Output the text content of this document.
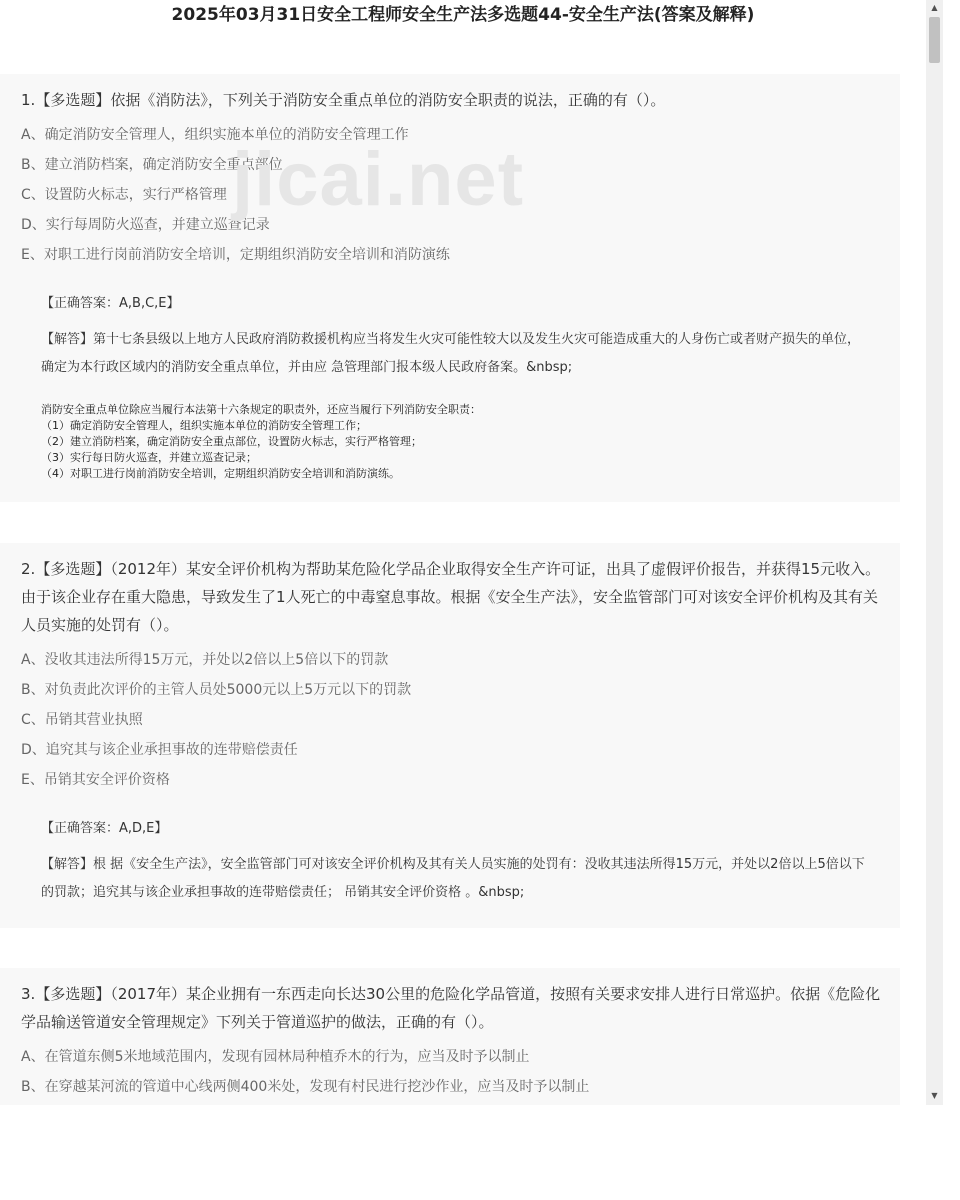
2025年03月31日安全工程师安全生产法多选题44-安全生产法(答案及解释)
1.【多选题】依据《消防法》，下列关于消防安全重点单位的消防安全职责的说法，正确的有（）。
A、确定消防安全管理人，组织实施本单位的消防安全管理工作
B、建立消防档案，确定消防安全重点部位
C、设置防火标志，实行严格管理
D、实行每周防火巡查，并建立巡查记录
E、对职工进行岗前消防安全培训，定期组织消防安全培训和消防演练
【正确答案：A,B,C,E】
【解答】第十七条县级以上地方人民政府消防救援机构应当将发生火灾可能性较大以及发生火灾可能造成重大的人身伤亡或者财产损失的单位，确定为本行政区域内的消防安全重点单位，并由应 急管理部门报本级人民政府备案。&nbsp;
消防安全重点单位除应当履行本法第十六条规定的职责外，还应当履行下列消防安全职责：
（1）确定消防安全管理人，组织实施本单位的消防安全管理工作；
（2）建立消防档案，确定消防安全重点部位，设置防火标志，实行严格管理；
（3）实行每日防火巡查，并建立巡查记录；
（4）对职工进行岗前消防安全培训，定期组织消防安全培训和消防演练。
2.【多选题】（2012年）某安全评价机构为帮助某危险化学品企业取得安全生产许可证，出具了虚假评价报告，并获得15元收入。由于该企业存在重大隐患，导致发生了1人死亡的中毒窒息事故。根据《安全生产法》，安全监管部门可对该安全评价机构及其有关人员实施的处罚有（）。
A、没收其违法所得15万元，并处以2倍以上5倍以下的罚款
B、对负责此次评价的主管人员处5000元以上5万元以下的罚款
C、吊销其营业执照
D、追究其与该企业承担事故的连带赔偿责任
E、吊销其安全评价资格
【正确答案：A,D,E】
【解答】根 据《安全生产法》，安全监管部门可对该安全评价机构及其有关人员实施的处罚有：没收其违法所得15万元，并处以2倍以上5倍以下的罚款；追究其与该企业承担事故的连带赔偿责任； 吊销其安全评价资格 。&nbsp;
3.【多选题】（2017年）某企业拥有一东西走向长达30公里的危险化学品管道，按照有关要求安排人进行日常巡护。依据《危险化学品输送管道安全管理规定》下列关于管道巡护的做法，正确的有（）。
A、在管道东侧5米地域范围内，发现有园林局种植乔木的行为，应当及时予以制止
B、在穿越某河流的管道中心线两侧400米处，发现有村民进行挖沙作业，应当及时予以制止
jicai.net
▲
▼
